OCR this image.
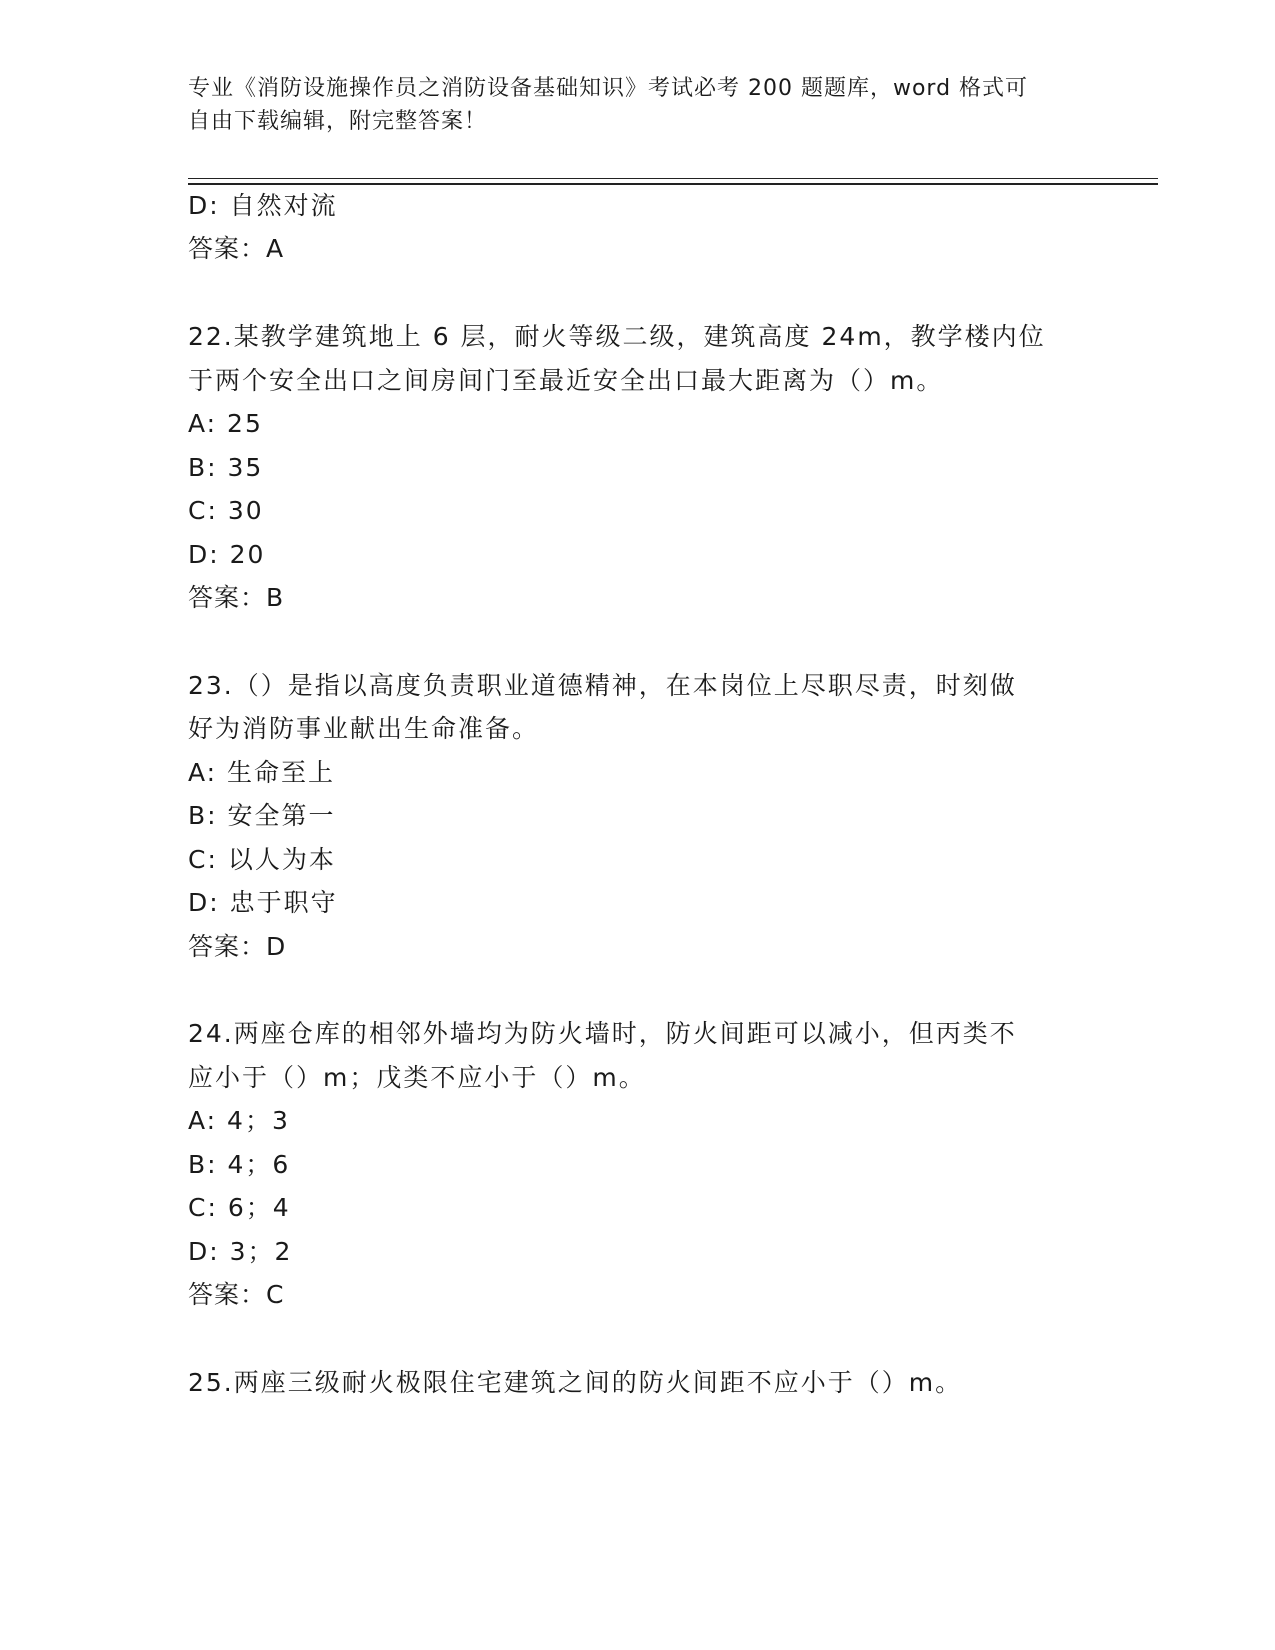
专业《消防设施操作员之消防设备基础知识》考试必考 200 题题库，word 格式可
自由下载编辑，附完整答案！
D: 自然对流
答案：A
22.某教学建筑地上 6 层，耐火等级二级，建筑高度 24m，教学楼内位
于两个安全出口之间房间门至最近安全出口最大距离为（）m。
A: 25
B: 35
C: 30
D: 20
答案：B
23.（）是指以高度负责职业道德精神，在本岗位上尽职尽责，时刻做
好为消防事业献出生命准备。
A: 生命至上
B: 安全第一
C: 以人为本
D: 忠于职守
答案：D
24.两座仓库的相邻外墙均为防火墙时，防火间距可以减小，但丙类不
应小于（）m；戊类不应小于（）m。
A: 4；3
B: 4；6
C: 6；4
D: 3；2
答案：C
25.两座三级耐火极限住宅建筑之间的防火间距不应小于（）m。
